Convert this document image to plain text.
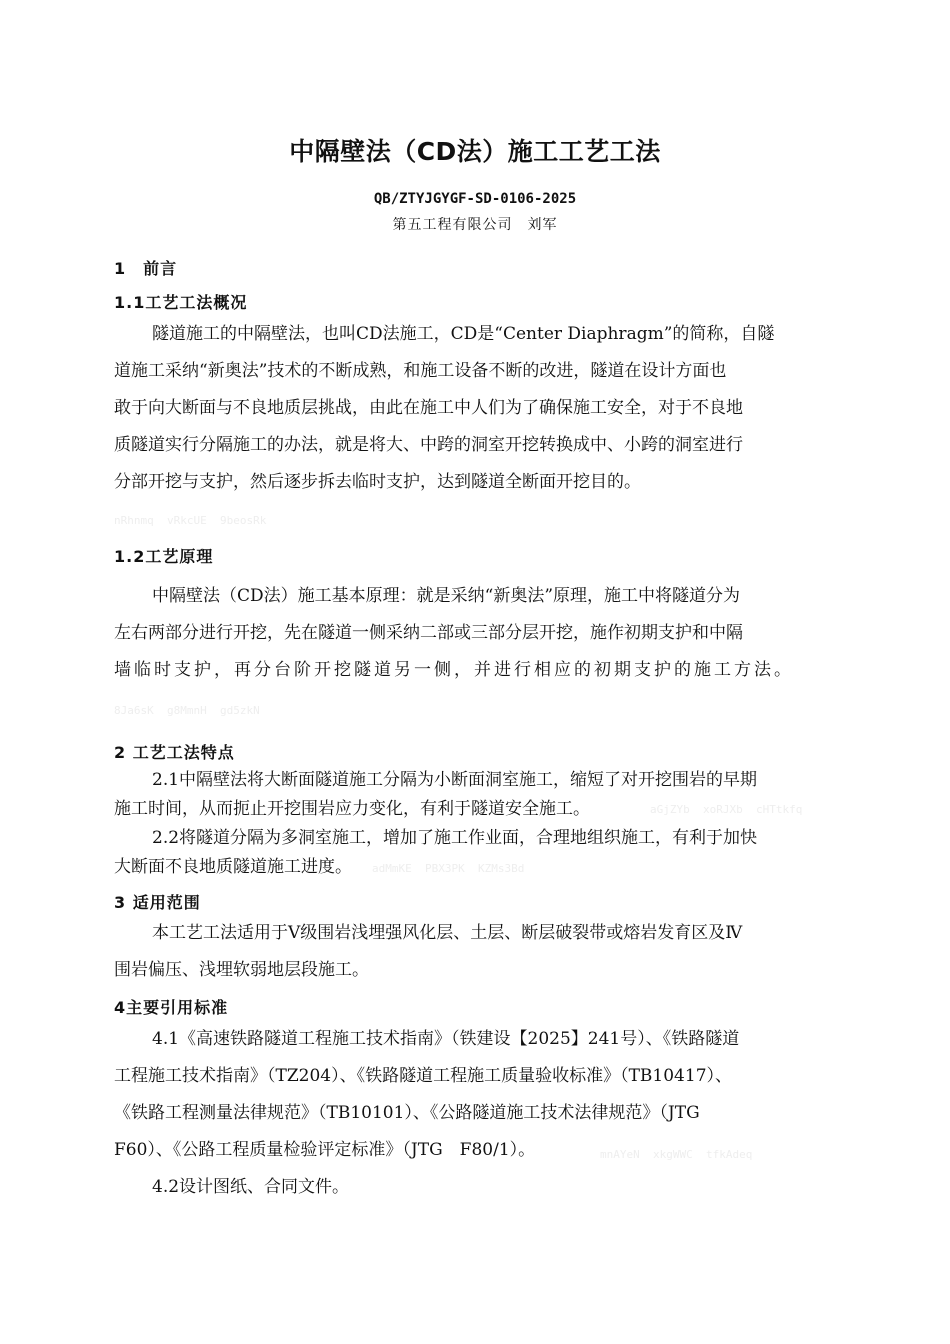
中隔壁法（CD法）施工工艺工法
QB/ZTYJGYGF-SD-0106-2025
第五工程有限公司　刘军
1　前言
1.1工艺工法概况
隧道施工的中隔壁法，也叫CD法施工，CD是“Center Diaphragm”的简称，自隧
道施工采纳“新奥法”技术的不断成熟，和施工设备不断的改进，隧道在设计方面也
敢于向大断面与不良地质层挑战，由此在施工中人们为了确保施工安全，对于不良地
质隧道实行分隔施工的办法，就是将大、中跨的洞室开挖转换成中、小跨的洞室进行
分部开挖与支护，然后逐步拆去临时支护，达到隧道全断面开挖目的。
nRhnmq  vRkcUE  9beosRk
1.2工艺原理
中隔壁法（CD法）施工基本原理：就是采纳“新奥法”原理，施工中将隧道分为
左右两部分进行开挖，先在隧道一侧采纳二部或三部分层开挖，施作初期支护和中隔
墙临时支护，再分台阶开挖隧道另一侧，并进行相应的初期支护的施工方法。
8Ja6sK  g8MmnH  gd5zkN
2 工艺工法特点
2.1中隔壁法将大断面隧道施工分隔为小断面洞室施工，缩短了对开挖围岩的早期
施工时间，从而扼止开挖围岩应力变化，有利于隧道安全施工。
2.2将隧道分隔为多洞室施工，增加了施工作业面，合理地组织施工，有利于加快
大断面不良地质隧道施工进度。
aGjZYb  xoRJXb  cHTtkfq
adMmKE  PBX3PK  KZMs3Bd
3 适用范围
本工艺工法适用于Ⅴ级围岩浅埋强风化层、土层、断层破裂带或熔岩发育区及Ⅳ
围岩偏压、浅埋软弱地层段施工。
4主要引用标准
4.1《高速铁路隧道工程施工技术指南》（铁建设【2025】241号）、《铁路隧道
工程施工技术指南》（TZ204）、《铁路隧道工程施工质量验收标准》（TB10417）、
《铁路工程测量法律规范》（TB10101）、《公路隧道施工技术法律规范》（JTG
F60）、《公路工程质量检验评定标准》（JTG　F80/1）。
4.2设计图纸、合同文件。
mnAYeN  xkgWWC  tfkAdeq
